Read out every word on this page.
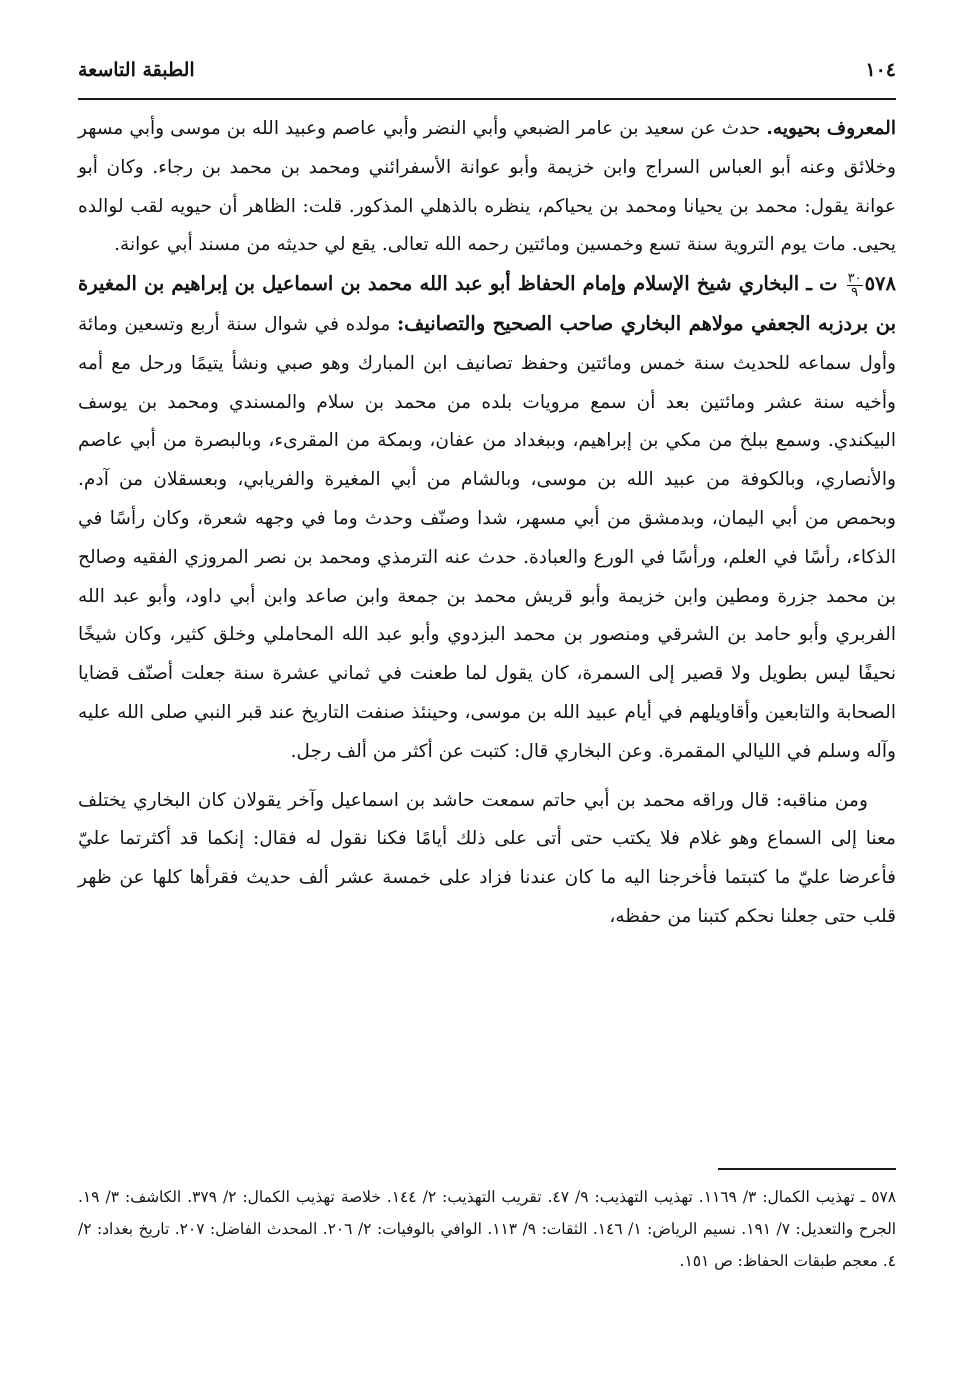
١٠٤
الطبقة التاسعة

المعروف بحيويه. حدث عن سعيد بن عامر الضبعي وأبي النضر وأبي عاصم وعبيد الله بن موسى وأبي مسهر وخلائق وعنه أبو العباس السراج وابن خزيمة وأبو عوانة الأسفرائني ومحمد بن محمد بن رجاء. وكان أبو عوانة يقول: محمد بن يحيانا ومحمد بن يحياكم، ينظره بالذهلي المذكور. قلت: الظاهر أن حيويه لقب لوالده يحيى. مات يوم التروية سنة تسع وخمسين ومائتين رحمه الله تعالى. يقع لي حديثه من مسند أبي عوانة.

٥٧٨
$\frac{٣٠}{٩}$
ت ـ البخاري شيخ الإسلام وإمام الحفاظ أبو عبد الله محمد بن اسماعيل بن إبراهيم بن المغيرة بن بردزبه الجعفي مولاهم البخاري صاحب الصحيح والتصانيف: مولده في شوال سنة أربع وتسعين ومائة وأول سماعه للحديث سنة خمس ومائتين وحفظ تصانيف ابن المبارك وهو صبي ونشأ يتيمًا ورحل مع أمه وأخيه سنة عشر ومائتين بعد أن سمع مرويات بلده من محمد بن سلام والمسندي ومحمد بن يوسف البيكندي. وسمع ببلخ من مكي بن إبراهيم، وببغداد من عفان، وبمكة من المقرىء، وبالبصرة من أبي عاصم والأنصاري، وبالكوفة من عبيد الله بن موسى، وبالشام من أبي المغيرة والفريابي، وبعسقلان من آدم. وبحمص من أبي اليمان، وبدمشق من أبي مسهر، شدا وصنّف وحدث وما في وجهه شعرة، وكان رأسًا في الذكاء، رأسًا في العلم، ورأسًا في الورع والعبادة. حدث عنه الترمذي ومحمد بن نصر المروزي الفقيه وصالح بن محمد جزرة ومطين وابن خزيمة وأبو قريش محمد بن جمعة وابن صاعد وابن أبي داود، وأبو عبد الله الفربري وأبو حامد بن الشرقي ومنصور بن محمد البزدوي وأبو عبد الله المحاملي وخلق كثير، وكان شيخًا نحيفًا ليس بطويل ولا قصير إلى السمرة، كان يقول لما طعنت في ثماني عشرة سنة جعلت أصنّف قضايا الصحابة والتابعين وأقاويلهم في أيام عبيد الله بن موسى، وحينئذ صنفت التاريخ عند قبر النبي صلى الله عليه وآله وسلم في الليالي المقمرة. وعن البخاري قال: كتبت عن أكثر من ألف رجل.

ومن مناقبه: قال وراقه محمد بن أبي حاتم سمعت حاشد بن اسماعيل وآخر يقولان كان البخاري يختلف معنا إلى السماع وهو غلام فلا يكتب حتى أتى على ذلك أيامًا فكنا نقول له فقال: إنكما قد أكثرتما عليّ فأعرضا عليّ ما كتبتما فأخرجنا اليه ما كان عندنا فزاد على خمسة عشر ألف حديث فقرأها كلها عن ظهر قلب حتى جعلنا نحكم كتبنا من حفظه،

٥٧٨ ـ تهذيب الكمال: ٣/ ١١٦٩. تهذيب التهذيب: ٩/ ٤٧. تقريب التهذيب: ٢/ ١٤٤. خلاصة تهذيب الكمال: ٢/ ٣٧٩. الكاشف: ٣/ ١٩. الجرح والتعديل: ٧/ ١٩١. نسيم الرياض: ١/ ١٤٦. الثقات: ٩/ ١١٣. الوافي بالوفيات: ٢/ ٢٠٦. المحدث الفاضل: ٢٠٧. تاريخ بغداد: ٢/ ٤. معجم طبقات الحفاظ: ص ١٥١.
